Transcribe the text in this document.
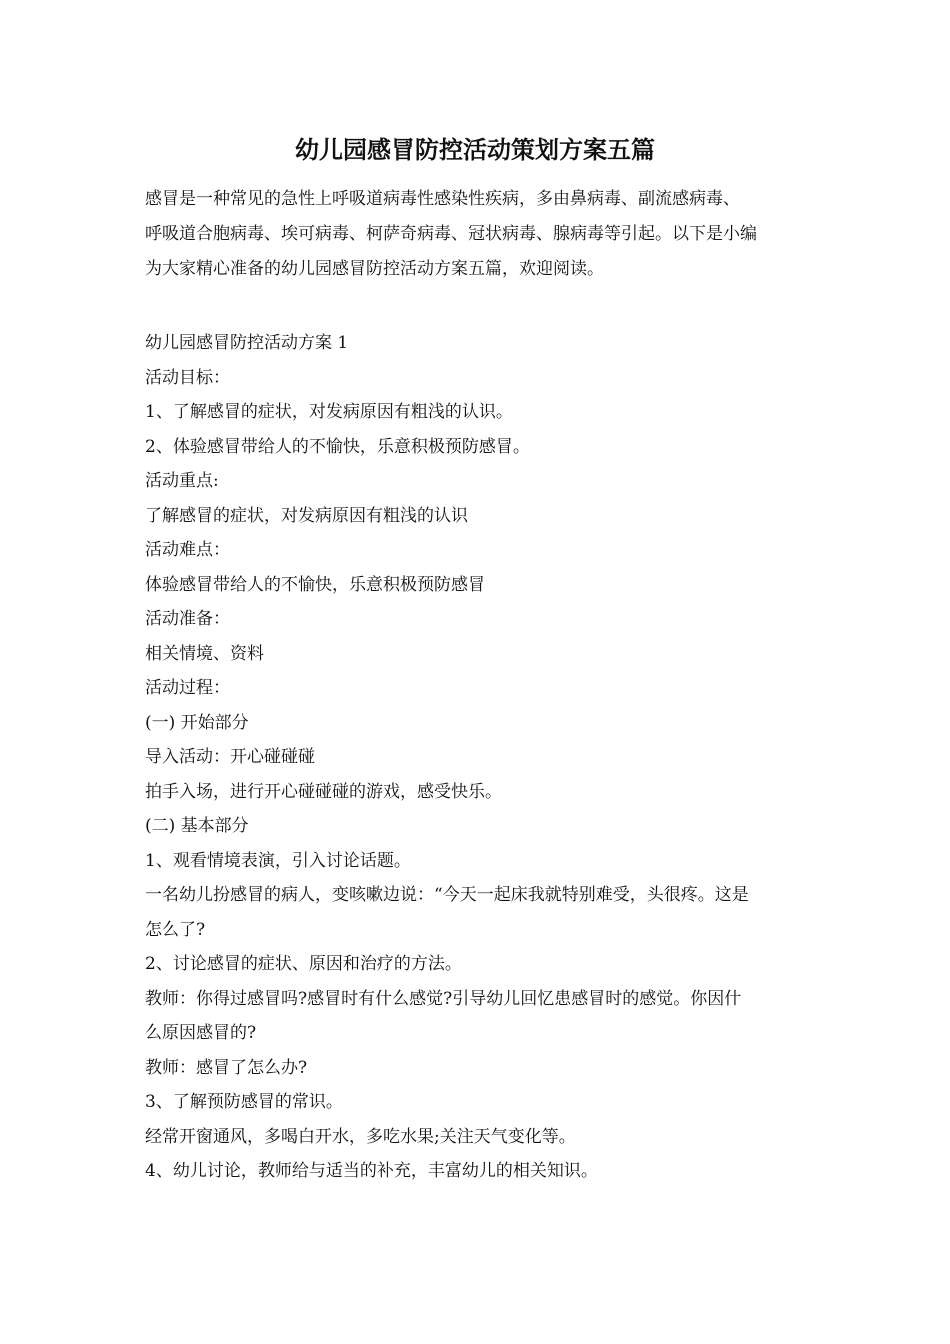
幼儿园感冒防控活动策划方案五篇

感冒是一种常见的急性上呼吸道病毒性感染性疾病，多由鼻病毒、副流感病毒、
呼吸道合胞病毒、埃可病毒、柯萨奇病毒、冠状病毒、腺病毒等引起。以下是小编
为大家精心准备的幼儿园感冒防控活动方案五篇，欢迎阅读。

幼儿园感冒防控活动方案 1
活动目标：
1、了解感冒的症状，对发病原因有粗浅的认识。
2、体验感冒带给人的不愉快，乐意积极预防感冒。
活动重点:
了解感冒的症状，对发病原因有粗浅的认识
活动难点：
体验感冒带给人的不愉快，乐意积极预防感冒
活动准备：
相关情境、资料
活动过程：
(一) 开始部分
导入活动：开心碰碰碰
拍手入场，进行开心碰碰碰的游戏，感受快乐。
(二) 基本部分
1、观看情境表演，引入讨论话题。
一名幼儿扮感冒的病人，变咳嗽边说：“今天一起床我就特别难受，头很疼。这是
怎么了?
2、讨论感冒的症状、原因和治疗的方法。
教师：你得过感冒吗?感冒时有什么感觉?引导幼儿回忆患感冒时的感觉。你因什
么原因感冒的?
教师：感冒了怎么办?
3、了解预防感冒的常识。
经常开窗通风，多喝白开水，多吃水果;关注天气变化等。
4、幼儿讨论，教师给与适当的补充，丰富幼儿的相关知识。
